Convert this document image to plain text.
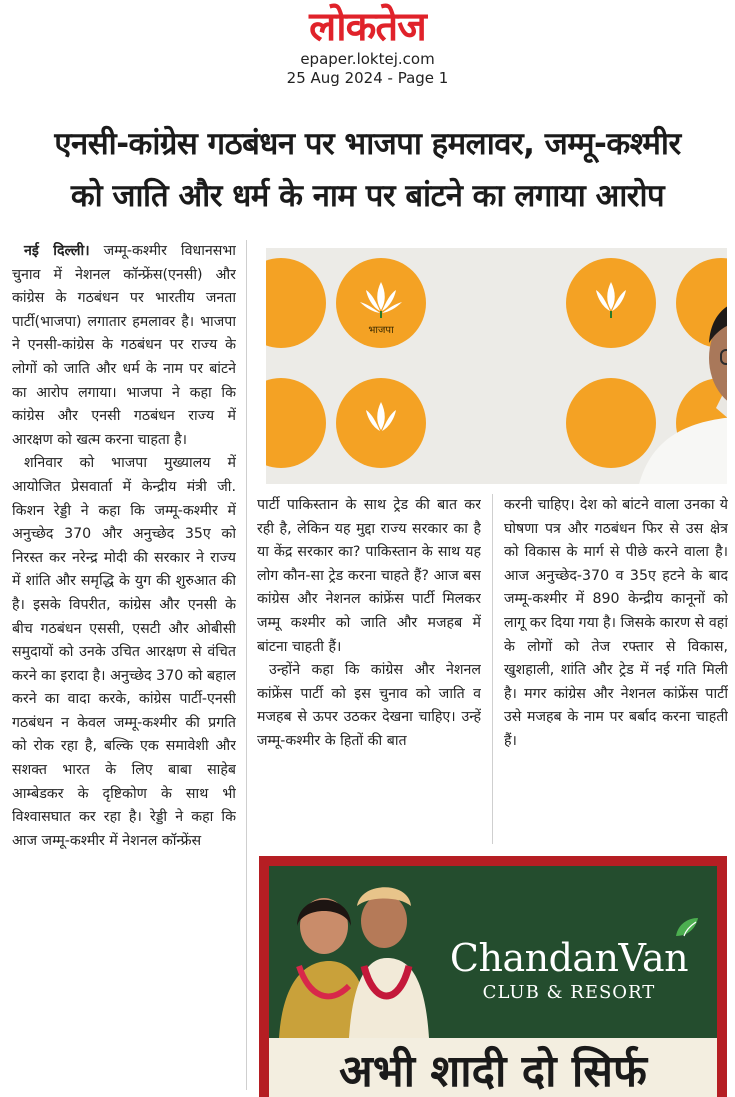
लोकतेज
epaper.loktej.com
25 Aug 2024 - Page 1
एनसी-कांग्रेस गठबंधन पर भाजपा हमलावर, जम्मू-कश्मीर
को जाति और धर्म के नाम पर बांटने का लगाया आरोप

नई दिल्ली। जम्मू-कश्मीर विधानसभा चुनाव में नेशनल कॉन्फ्रेंस(एनसी) और कांग्रेस के गठबंधन पर भारतीय जनता पार्टी(भाजपा) लगातार हमलावर है। भाजपा ने एनसी-कांग्रेस के गठबंधन पर राज्य के लोगों को जाति और धर्म के नाम पर बांटने का आरोप लगाया। भाजपा ने कहा कि कांग्रेस और एनसी गठबंधन राज्य में आरक्षण को खत्म करना चाहता है।

शनिवार को भाजपा मुख्यालय में आयोजित प्रेसवार्ता में केन्द्रीय मंत्री जी. किशन रेड्डी ने कहा कि जम्मू-कश्मीर में अनुच्छेद 370 और अनुच्छेद 35ए को निरस्त कर नरेन्द्र मोदी की सरकार ने राज्य में शांति और समृद्धि के युग की शुरुआत की है। इसके विपरीत, कांग्रेस और एनसी के बीच गठबंधन एससी, एसटी और ओबीसी समुदायों को उनके उचित आरक्षण से वंचित करने का इरादा है। अनुच्छेद 370 को बहाल करने का वादा करके, कांग्रेस पार्टी-एनसी गठबंधन न केवल जम्मू-कश्मीर की प्रगति को रोक रहा है, बल्कि एक समावेशी और सशक्त भारत के लिए बाबा साहेब आम्बेडकर के दृष्टिकोण के साथ भी विश्वासघात कर रहा है। रेड्डी ने कहा कि आज जम्मू-कश्मीर में नेशनल कॉन्फ्रेंस

भाजपा

पार्टी पाकिस्तान के साथ ट्रेड की बात कर रही है, लेकिन यह मुद्दा राज्य सरकार का है या केंद्र सरकार का? पाकिस्तान के साथ यह लोग कौन-सा ट्रेड करना चाहते हैं? आज बस कांग्रेस और नेशनल कांफ्रेंस पार्टी मिलकर जम्मू कश्मीर को जाति और मजहब में बांटना चाहती हैं।

उन्होंने कहा कि कांग्रेस और नेशनल कांफ्रेंस पार्टी को इस चुनाव को जाति व मजहब से ऊपर उठकर देखना चाहिए। उन्हें जम्मू-कश्मीर के हितों की बात

करनी चाहिए। देश को बांटने वाला उनका ये घोषणा पत्र और गठबंधन फिर से उस क्षेत्र को विकास के मार्ग से पीछे करने वाला है। आज अनुच्छेद-370 व 35ए हटने के बाद जम्मू-कश्मीर में 890 केन्द्रीय कानूनों को लागू कर दिया गया है। जिसके कारण से वहां के लोगों को तेज रफ्तार से विकास, खुशहाली, शांति और ट्रेड में नई गति मिली है। मगर कांग्रेस और नेशनल कांफ्रेंस पार्टी उसे मजहब के नाम पर बर्बाद करना चाहती हैं।

ChandanVan
CLUB & RESORT
अभी शादी दो सिर्फ
